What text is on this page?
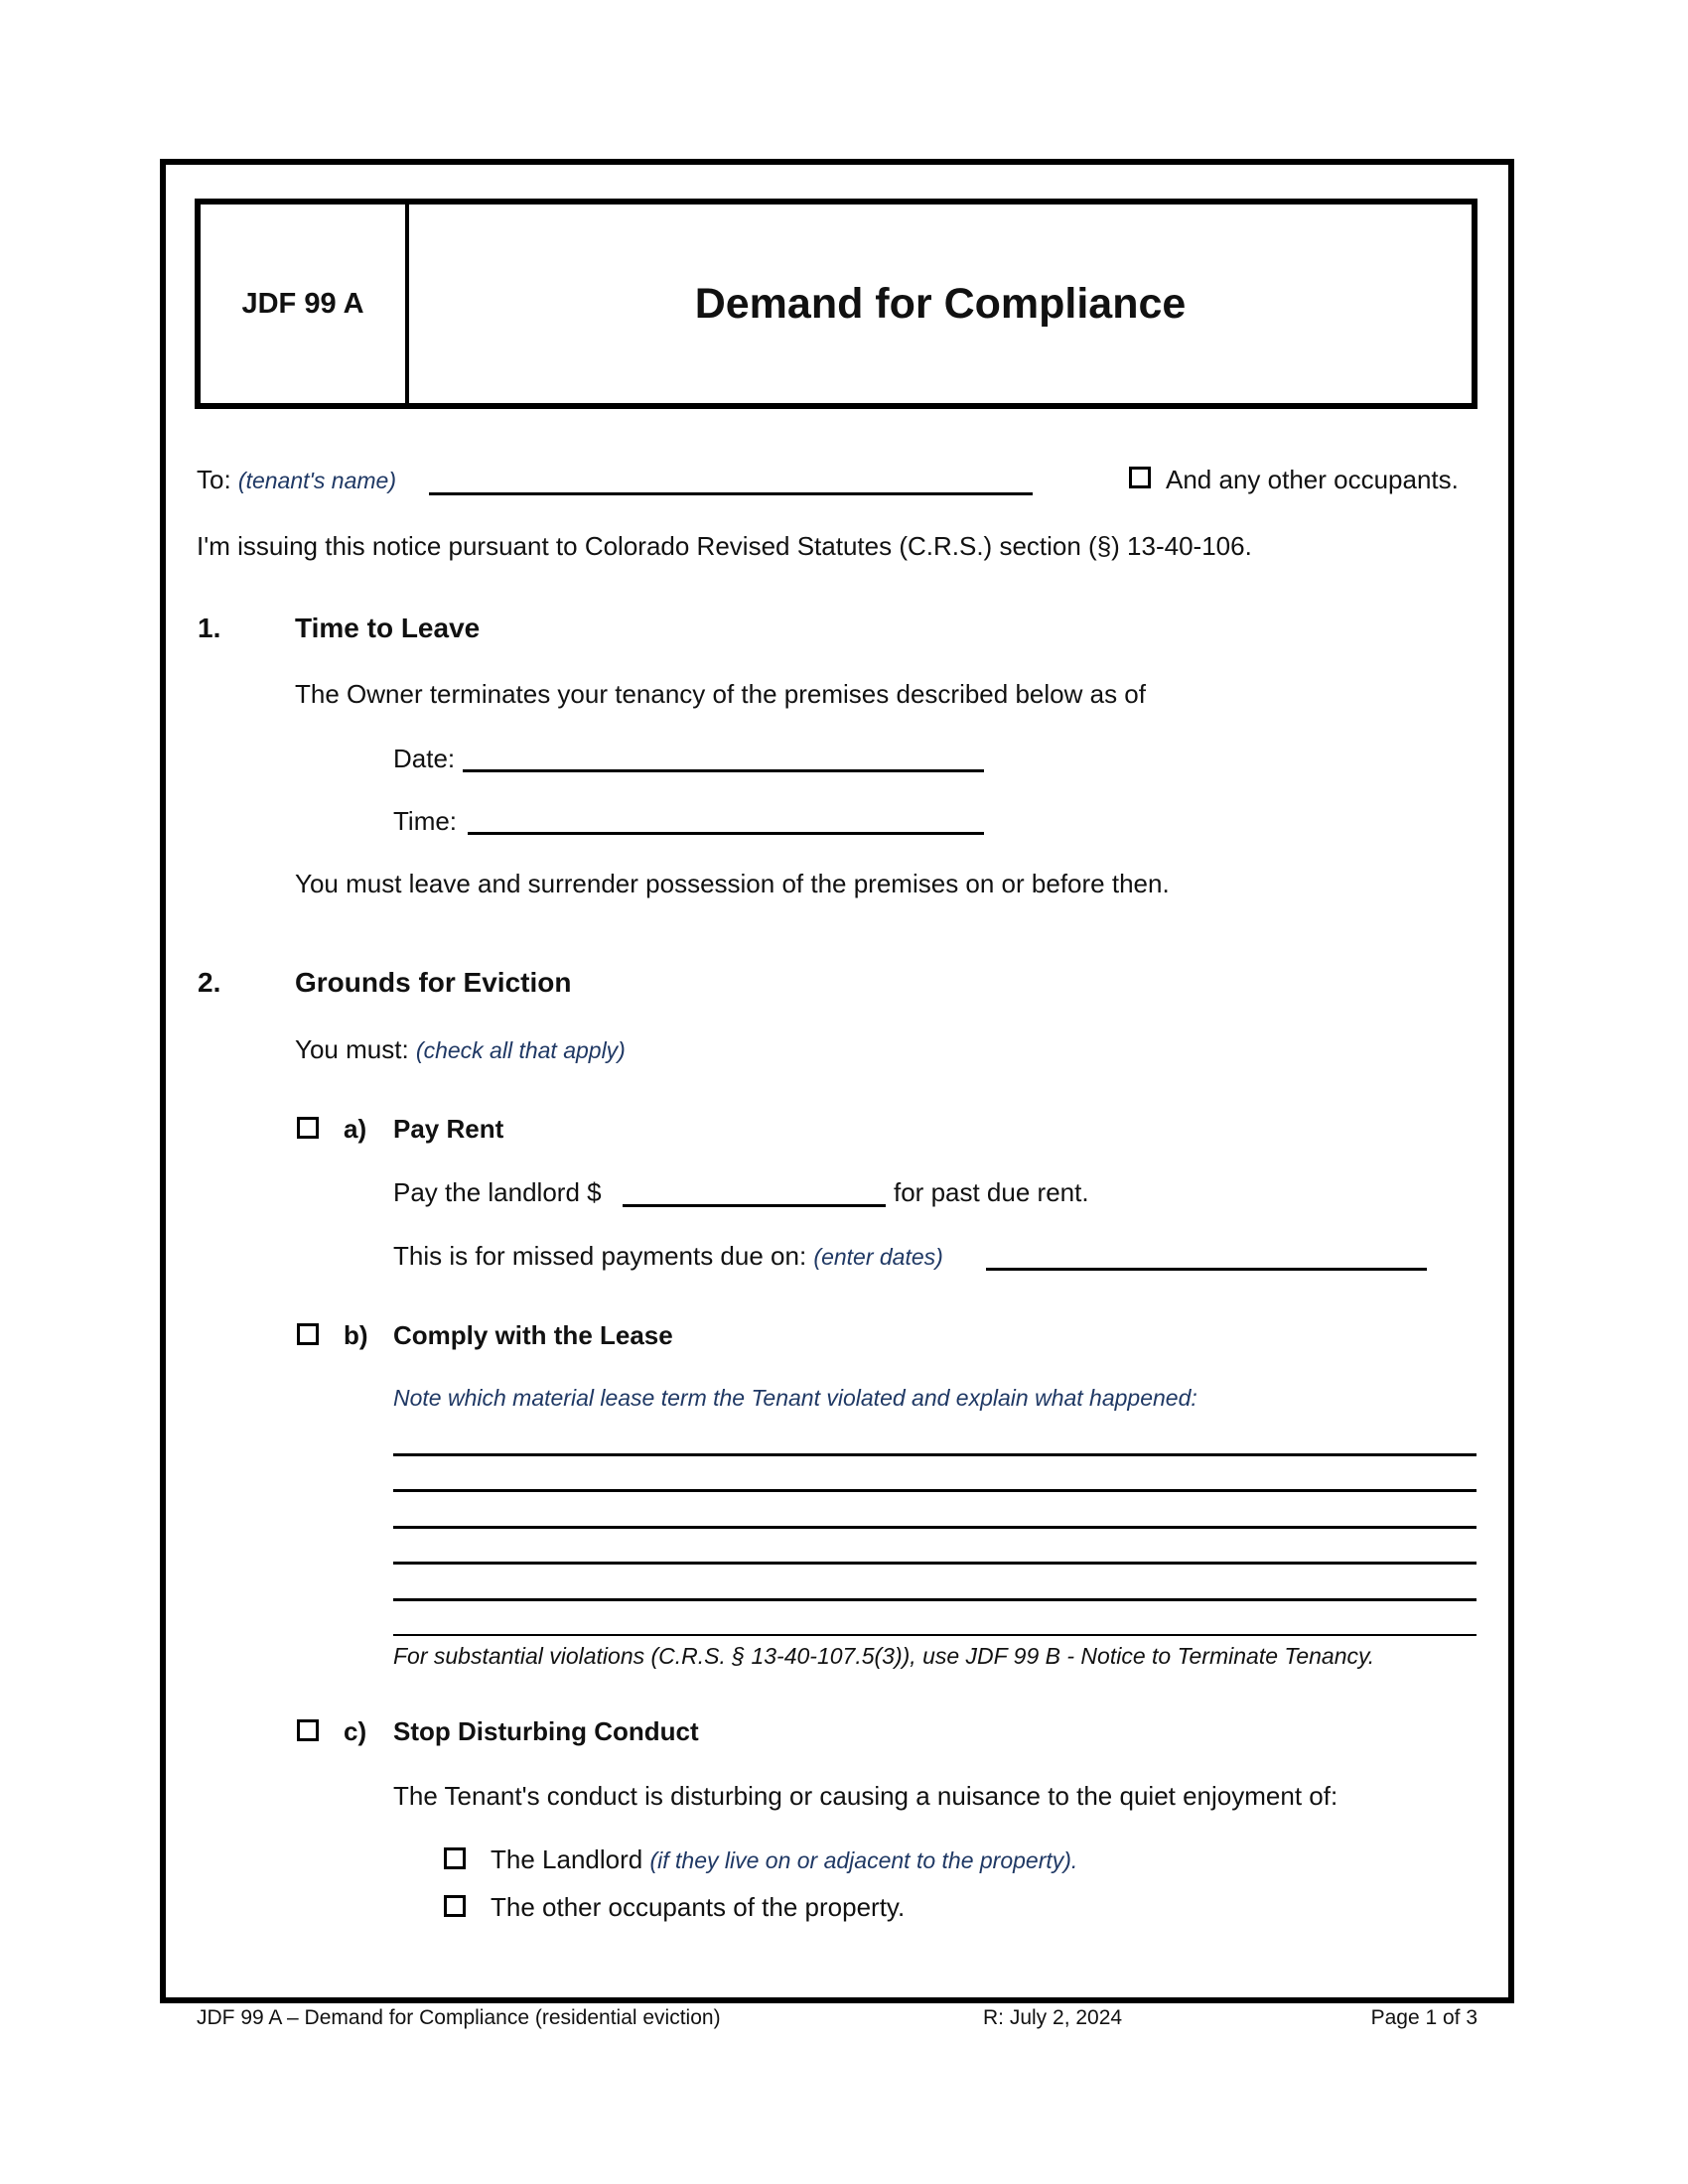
JDF 99 A	Demand for Compliance
To: (tenant's name)	And any other occupants.
I'm issuing this notice pursuant to Colorado Revised Statutes (C.R.S.) section (§) 13-40-106.
1.	Time to Leave
The Owner terminates your tenancy of the premises described below as of
Date:
Time:
You must leave and surrender possession of the premises on or before then.
2.	Grounds for Eviction
You must: (check all that apply)
a) Pay Rent
Pay the landlord $	for past due rent.
This is for missed payments due on: (enter dates)
b) Comply with the Lease
Note which material lease term the Tenant violated and explain what happened:
For substantial violations (C.R.S. § 13-40-107.5(3)), use JDF 99 B - Notice to Terminate Tenancy.
c) Stop Disturbing Conduct
The Tenant's conduct is disturbing or causing a nuisance to the quiet enjoyment of:
The Landlord (if they live on or adjacent to the property).
The other occupants of the property.
JDF 99 A – Demand for Compliance (residential eviction)	R: July 2, 2024	Page 1 of 3
